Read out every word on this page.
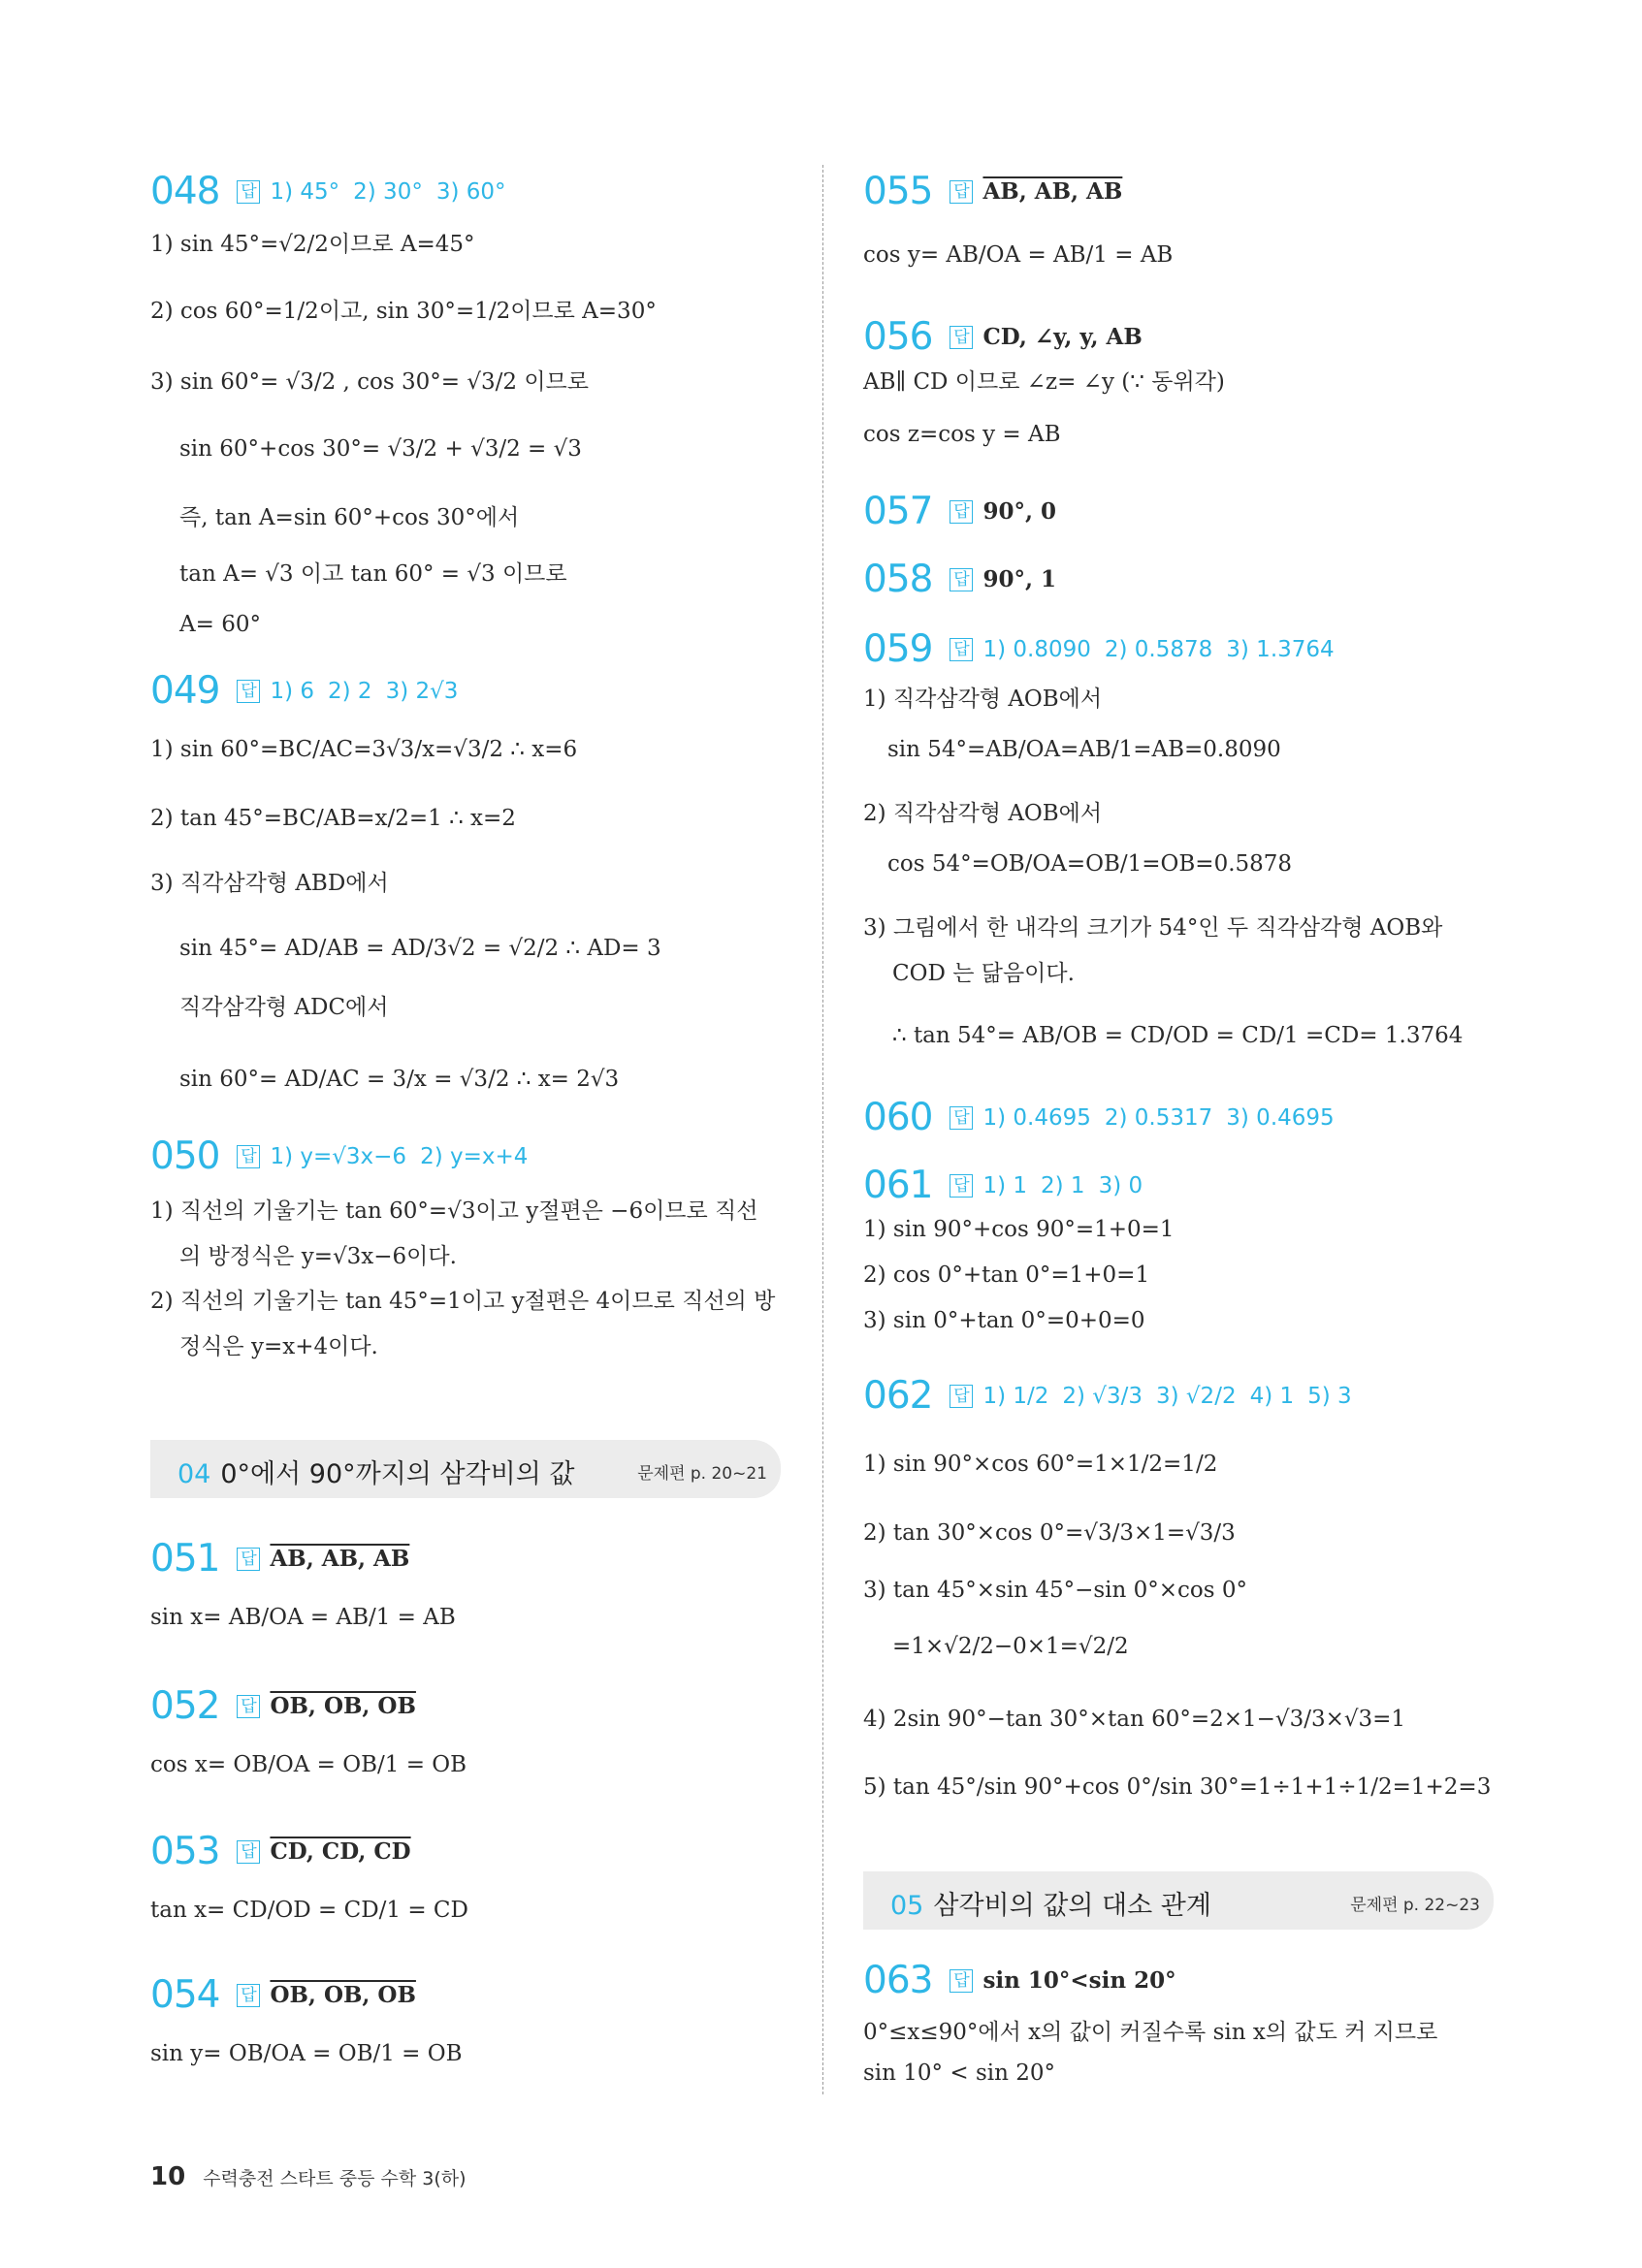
048 답 1) 45° 2) 30° 3) 60°
1) sin 45°=√2/2이므로 A=45°
2) cos 60°=1/2이고, sin 30°=1/2이므로 A=30°
3) sin 60°= √3/2 , cos 30°= √3/2 이므로
sin 60°+cos 30°= √3/2 + √3/2 = √3
즉, tan A=sin 60°+cos 30°에서
tan A= √3 이고 tan 60° = √3 이므로
A= 60°
049 답 1) 6 2) 2 3) 2√3
1) sin 60°=BC/AC=3√3/x=√3/2 ∴ x=6
2) tan 45°=BC/AB=x/2=1 ∴ x=2
3) 직각삼각형 ABD에서
sin 45°= AD/AB = AD/3√2 = √2/2 ∴ AD= 3
직각삼각형 ADC에서
sin 60°= AD/AC = 3/x = √3/2 ∴ x= 2√3
050 답 1) y=√3x−6 2) y=x+4
1) 직선의 기울기는 tan 60°=√3이고 y절편은 −6이므로 직선
의 방정식은 y=√3x−6이다.
2) 직선의 기울기는 tan 45°=1이고 y절편은 4이므로 직선의 방
정식은 y=x+4이다.
04 0°에서 90°까지의 삼각비의 값	문제편 p. 20~21
051 답 AB, AB, AB
sin x= AB/OA = AB/1 = AB
052 답 OB, OB, OB
cos x= OB/OA = OB/1 = OB
053 답 CD, CD, CD
tan x= CD/OD = CD/1 = CD
054 답 OB, OB, OB
sin y= OB/OA = OB/1 = OB
055 답 AB, AB, AB
cos y= AB/OA = AB/1 = AB
056 답 CD, ∠y, y, AB
AB∥ CD 이므로 ∠z= ∠y (∵ 동위각)
cos z=cos y = AB
057 답 90°, 0
058 답 90°, 1
059 답 1) 0.8090 2) 0.5878 3) 1.3764
1) 직각삼각형 AOB에서
sin 54°=AB/OA=AB/1=AB=0.8090
2) 직각삼각형 AOB에서
cos 54°=OB/OA=OB/1=OB=0.5878
3) 그림에서 한 내각의 크기가 54°인 두 직각삼각형 AOB와
COD 는 닮음이다.
∴ tan 54°= AB/OB = CD/OD = CD/1 =CD= 1.3764
060 답 1) 0.4695 2) 0.5317 3) 0.4695
061 답 1) 1 2) 1 3) 0
1) sin 90°+cos 90°=1+0=1
2) cos 0°+tan 0°=1+0=1
3) sin 0°+tan 0°=0+0=0
062 답 1) 1/2 2) √3/3 3) √2/2 4) 1 5) 3
1) sin 90°×cos 60°=1×1/2=1/2
2) tan 30°×cos 0°=√3/3×1=√3/3
3) tan 45°×sin 45°−sin 0°×cos 0°
=1×√2/2−0×1=√2/2
4) 2sin 90°−tan 30°×tan 60°=2×1−√3/3×√3=1
5) tan 45°/sin 90°+cos 0°/sin 30°=1÷1+1÷1/2=1+2=3
05 삼각비의 값의 대소 관계	문제편 p. 22~23
063 답 sin 10°<sin 20°
0°≤x≤90°에서 x의 값이 커질수록 sin x의 값도 커 지므로
sin 10° < sin 20°
10 수력충전 스타트 중등 수학 3(하)
